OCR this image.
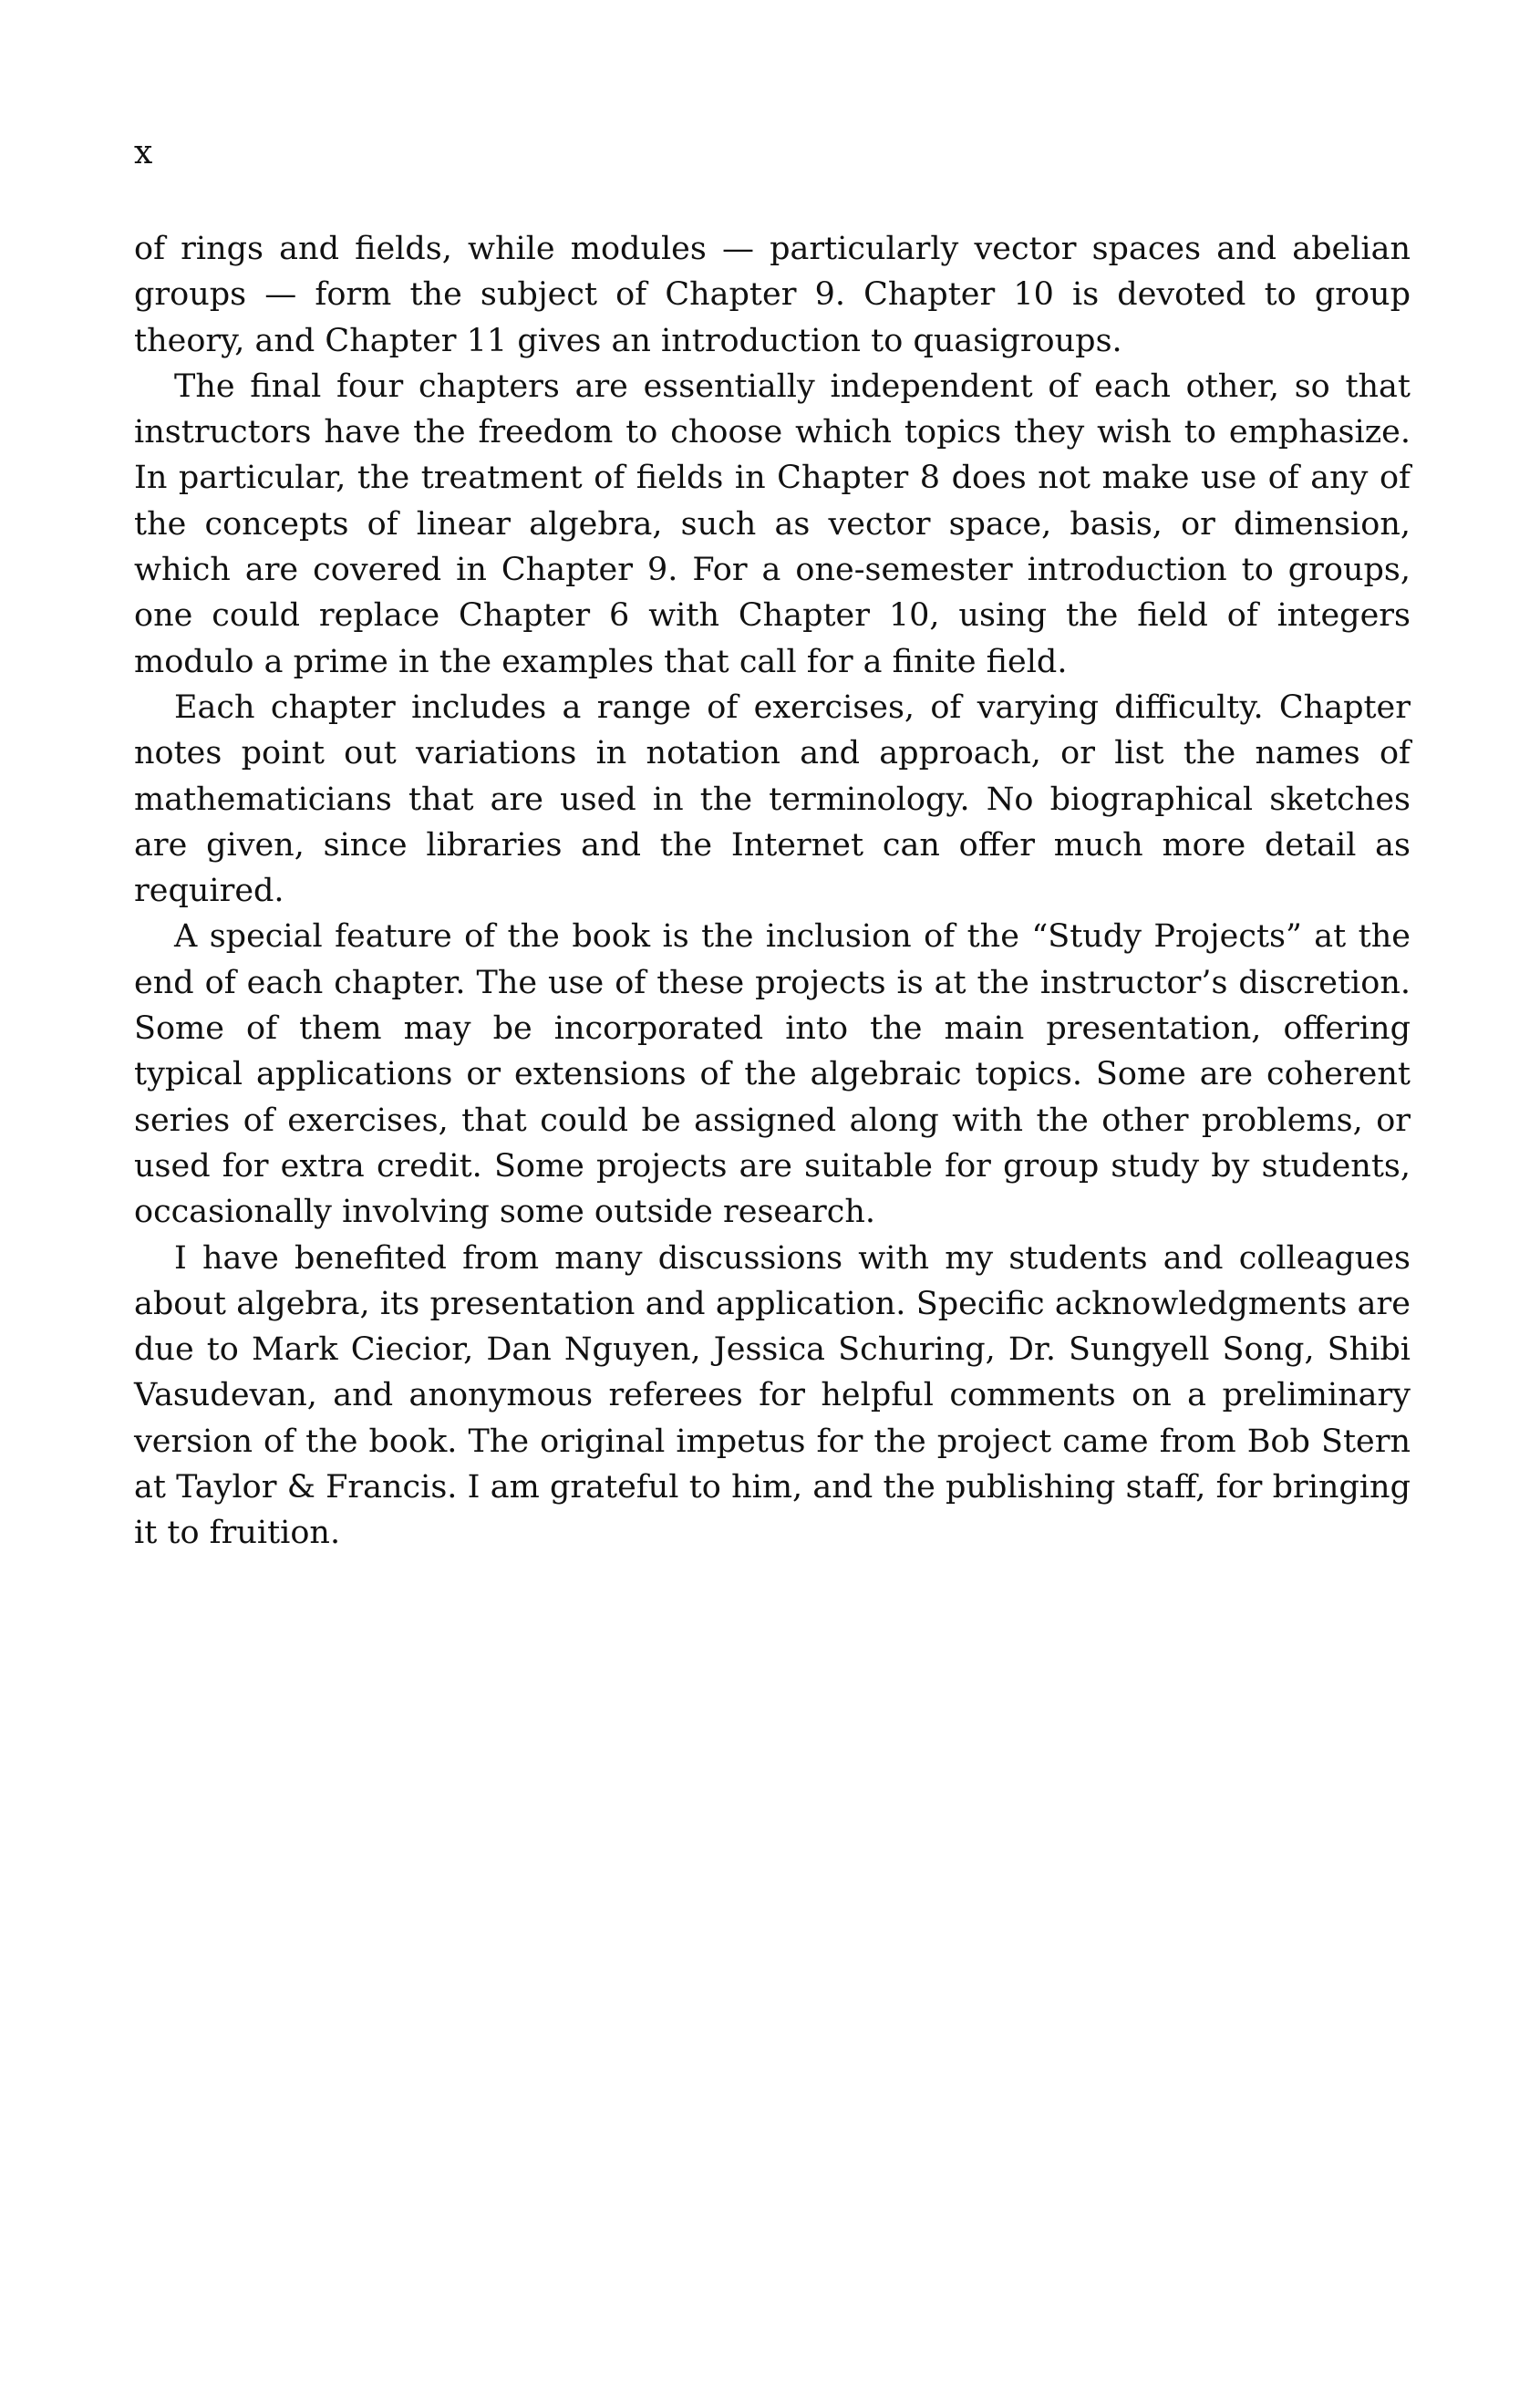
x

of rings and fields, while modules — particularly vector spaces and abelian groups — form the subject of Chapter 9. Chapter 10 is devoted to group theory, and Chapter 11 gives an introduction to quasigroups.

The final four chapters are essentially independent of each other, so that instructors have the freedom to choose which topics they wish to emphasize. In particular, the treatment of fields in Chapter 8 does not make use of any of the concepts of linear algebra, such as vector space, basis, or dimension, which are covered in Chapter 9. For a one-semester introduction to groups, one could replace Chapter 6 with Chapter 10, using the field of integers modulo a prime in the examples that call for a finite field.

Each chapter includes a range of exercises, of varying difficulty. Chapter notes point out variations in notation and approach, or list the names of mathematicians that are used in the terminology. No biographical sketches are given, since libraries and the Internet can offer much more detail as required.

A special feature of the book is the inclusion of the “Study Projects” at the end of each chapter. The use of these projects is at the instructor’s discretion. Some of them may be incorporated into the main presentation, offering typical applications or extensions of the algebraic topics. Some are coherent series of exercises, that could be assigned along with the other problems, or used for extra credit. Some projects are suitable for group study by students, occasionally involving some outside research.

I have benefited from many discussions with my students and colleagues about algebra, its presentation and application. Specific acknowledgments are due to Mark Ciecior, Dan Nguyen, Jessica Schuring, Dr. Sungyell Song, Shibi Vasudevan, and anonymous referees for helpful comments on a preliminary version of the book. The original impetus for the project came from Bob Stern at Taylor & Francis. I am grateful to him, and the publishing staff, for bringing it to fruition.
